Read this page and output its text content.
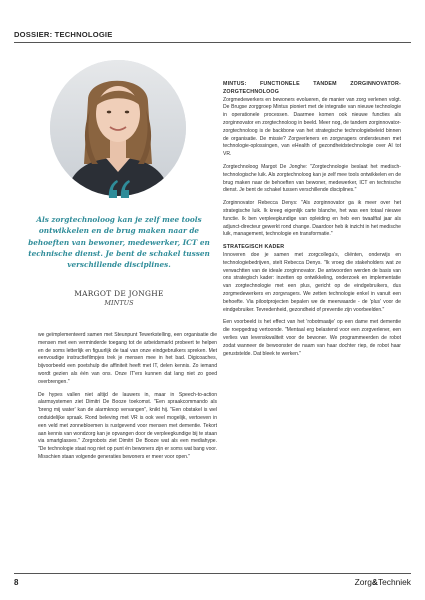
DOSSIER: TECHNOLOGIE

Als zorgtechnoloog kan je zelf mee tools ontwikkelen en de brug maken naar de behoeften van bewoner, medewerker, ICT en technische dienst. Je bent de schakel tussen verschillende disciplines.

MARGOT DE JONGHE
MINTUS

we geïmplementeerd samen met Steunpunt Tewerkstelling, een organisatie die mensen met een verminderde toegang tot de arbeidsmarkt probeert te helpen en de soms letterlijk en figuurlijk de taal van onze eindgebruikers spreken. Met eenvoudige instructiefilmpjes trek je mensen mee in het bad. Digicoaches, bijvoorbeeld een poetshulp die affiniteit heeft met IT, delen kennis. Zo iemand wordt gezien als één van ons. Onze IT'ers kunnen dat lang niet zo goed overbrengen."

De hypes vallen niet altijd de lauwers in, maar in Speech-to-action alarmsystemen ziet Dimitri De Booze toekomst. "Een spraakcommando als 'breng mij water' kan de alarmknop vervangen", knikt hij. "Een obstakel is wel onduidelijke spraak. Rond beleving met VR is ook veel mogelijk, vertoeven in een veld met zonnebloemen is rustgevend voor mensen met dementie. Tekort aan kennis van wondzorg kan je opvangen door de verpleegkundige bij te staan via smartglasses." Zorgrobots ziet Dimitri De Booze wat als een mediahype. "De technologie staat nog niet op punt én bewoners zijn er soms wat bang voor. Misschien staan volgende generaties bewoners er meer voor open."

MINTUS: FUNCTIONELE TANDEM ZORGINNOVATOR-ZORGTECHNOLOOG

Zorgmedewerkers en bewoners evolueren, de manier van zorg verlenen volgt. De Brugse zorggroep Mintus pioniert met de integratie van nieuwe technologie in operationele processen. Daarmee komen ook nieuwe functies als zorginnovator en zorgtechnoloog in beeld. Meer nog, de tandem zorginnovator-zorgtechnoloog is de backbone van het strategische technologiebeleid binnen de organisatie. De missie? Zorgverleners en zorgvragers ondersteunen met technologie-oplossingen, van eHealth of gezondheidstechnologie over AI tot VR.

Zorgtechnoloog Margot De Jonghe: "Zorgtechnologie beslaat het medisch-technologische luik. Als zorgtechnoloog kan je zelf mee tools ontwikkelen en de brug maken naar de behoeften van bewoner, medewerker, ICT en technische dienst. Je bent de schakel tussen verschillende disciplines."

Zorginnovator Rebecca Denys: "Als zorginnovator ga ik meer over het strategische luik. Ik kreeg eigenlijk carte blanche, het was een totaal nieuwe functie. Ik ben verpleegkundige van opleiding en heb een twaalftal jaar als adjunct-directeur gewerkt rond change. Daardoor heb ik inzicht in het medische luik, management, technologie en transformatie."

STRATEGISCH KADER

Innoveren doe je samen met zorgcollega's, cliënten, onderwijs en technologiebedrijven, stelt Rebecca Denys. "Ik vroeg die stakeholders wat ze verwachtten van de ideale zorginnovator. De antwoorden werden de basis van ons strategisch kader: inzetten op ontwikkeling, onderzoek en implementatie van zorgtechnologie met een plus, gericht op de eindgebruikers, dus zorgmedewerkers en zorgvragers. We zetten technologie enkel in vanuit een behoefte. Via pilootprojecten bepalen we de meerwaarde - de 'plus' voor de eindgebruiker. Tevredenheid, gezondheid of preventie zijn voorbeelden."

Een voorbeeld is het effect van het 'robotmaatje' op een dame met dementie die roepgedrag vertoonde. "Mentaal erg belastend voor een zorgverlener, een verlies van levenskwaliteit voor de bewoner. We programmeerden de robot zodat wanneer de bewoonster de naam van haar dochter riep, de robot haar geruststelde. Dat bleek te werken."

8	Zorg&Techniek
